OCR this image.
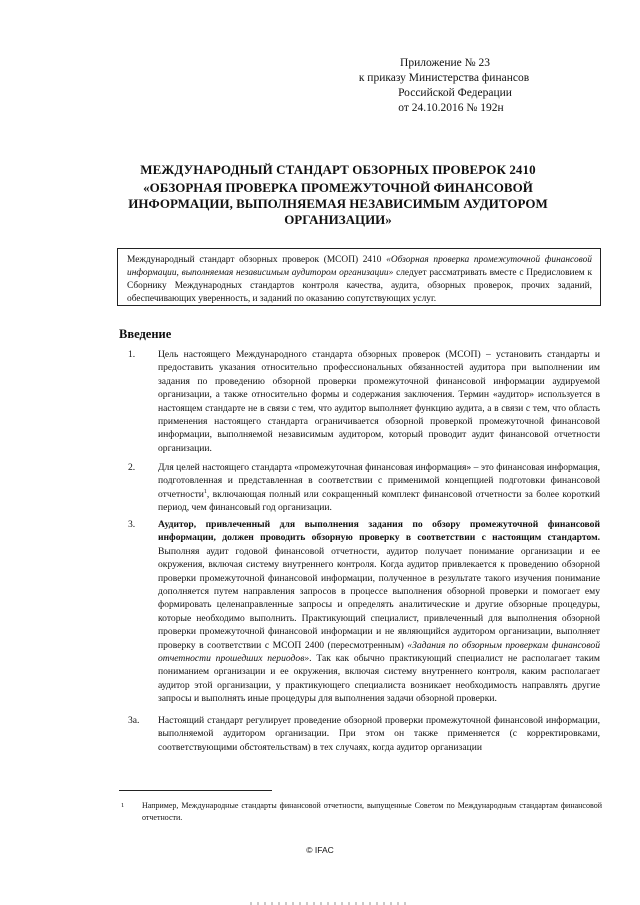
Приложение № 23
к приказу Министерства финансов
Российской Федерации
от 24.10.2016 № 192н
МЕЖДУНАРОДНЫЙ СТАНДАРТ ОБЗОРНЫХ ПРОВЕРОК 2410
«ОБЗОРНАЯ ПРОВЕРКА ПРОМЕЖУТОЧНОЙ ФИНАНСОВОЙ ИНФОРМАЦИИ, ВЫПОЛНЯЕМАЯ НЕЗАВИСИМЫМ АУДИТОРОМ ОРГАНИЗАЦИИ»
Международный стандарт обзорных проверок (МСОП) 2410 «Обзорная проверка промежуточной финансовой информации, выполняемая независимым аудитором организации» следует рассматривать вместе с Предисловием к Сборнику Международных стандартов контроля качества, аудита, обзорных проверок, прочих заданий, обеспечивающих уверенность, и заданий по оказанию сопутствующих услуг.
Введение
1. Цель настоящего Международного стандарта обзорных проверок (МСОП) – установить стандарты и предоставить указания относительно профессиональных обязанностей аудитора при выполнении им задания по проведению обзорной проверки промежуточной финансовой информации аудируемой организации, а также относительно формы и содержания заключения. Термин «аудитор» используется в настоящем стандарте не в связи с тем, что аудитор выполняет функцию аудита, а в связи с тем, что область применения настоящего стандарта ограничивается обзорной проверкой промежуточной финансовой информации, выполняемой независимым аудитором, который проводит аудит финансовой отчетности организации.
2. Для целей настоящего стандарта «промежуточная финансовая информация» – это финансовая информация, подготовленная и представленная в соответствии с применимой концепцией подготовки финансовой отчетности$^1$, включающая полный или сокращенный комплект финансовой отчетности за более короткий период, чем финансовый год организации.
3. Аудитор, привлеченный для выполнения задания по обзору промежуточной финансовой информации, должен проводить обзорную проверку в соответствии с настоящим стандартом. Выполняя аудит годовой финансовой отчетности, аудитор получает понимание организации и ее окружения, включая систему внутреннего контроля. Когда аудитор привлекается к проведению обзорной проверки промежуточной финансовой информации, полученное в результате такого изучения понимание дополняется путем направления запросов в процессе выполнения обзорной проверки и помогает ему формировать целенаправленные запросы и определять аналитические и другие обзорные процедуры, которые необходимо выполнить. Практикующий специалист, привлеченный для выполнения обзорной проверки промежуточной финансовой информации и не являющийся аудитором организации, выполняет проверку в соответствии с МСОП 2400 (пересмотренным) «Задания по обзорным проверкам финансовой отчетности прошедших периодов». Так как обычно практикующий специалист не располагает таким пониманием организации и ее окружения, включая систему внутреннего контроля, каким располагает аудитор этой организации, у практикующего специалиста возникает необходимость направлять другие запросы и выполнять иные процедуры для выполнения задачи обзорной проверки.
3а. Настоящий стандарт регулирует проведение обзорной проверки промежуточной финансовой информации, выполняемой аудитором организации. При этом он также применяется (с корректировками, соответствующими обстоятельствам) в тех случаях, когда аудитор организации
1 Например, Международные стандарты финансовой отчетности, выпущенные Советом по Международным стандартам финансовой отчетности.
© IFAC
